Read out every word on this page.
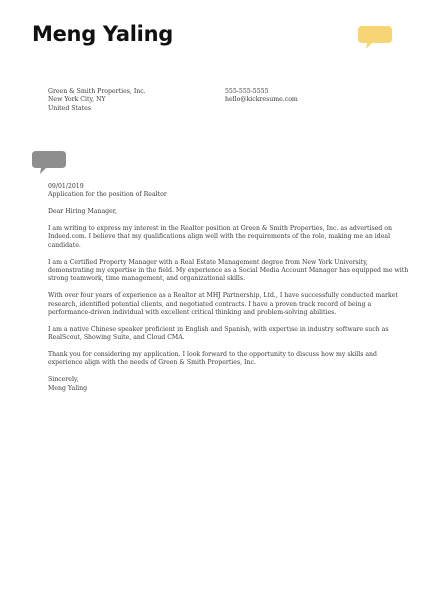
Meng Yaling
Green & Smith Properties, Inc.
New York City, NY
United States
555-555-5555
hello@kickresume.com

09/01/2019

Application for the position of Realtor

Dear Hiring Manager,

I am writing to express my interest in the Realtor position at Green & Smith Properties, Inc. as advertised on
Indeed.com. I believe that my qualifications align well with the requirements of the role, making me an ideal
candidate.

I am a Certified Property Manager with a Real Estate Management degree from New York University,
demonstrating my expertise in the field. My experience as a Social Media Account Manager has equipped me with
strong teamwork, time management, and organizational skills.

With over four years of experience as a Realtor at MHJ Partnership, Ltd., I have successfully conducted market
research, identified potential clients, and negotiated contracts. I have a proven track record of being a
performance-driven individual with excellent critical thinking and problem-solving abilities.

I am a native Chinese speaker proficient in English and Spanish, with expertise in industry software such as
RealScout, Showing Suite, and Cloud CMA.

Thank you for considering my application. I look forward to the opportunity to discuss how my skills and
experience align with the needs of Green & Smith Properties, Inc.

Sincerely,

Meng Yaling
